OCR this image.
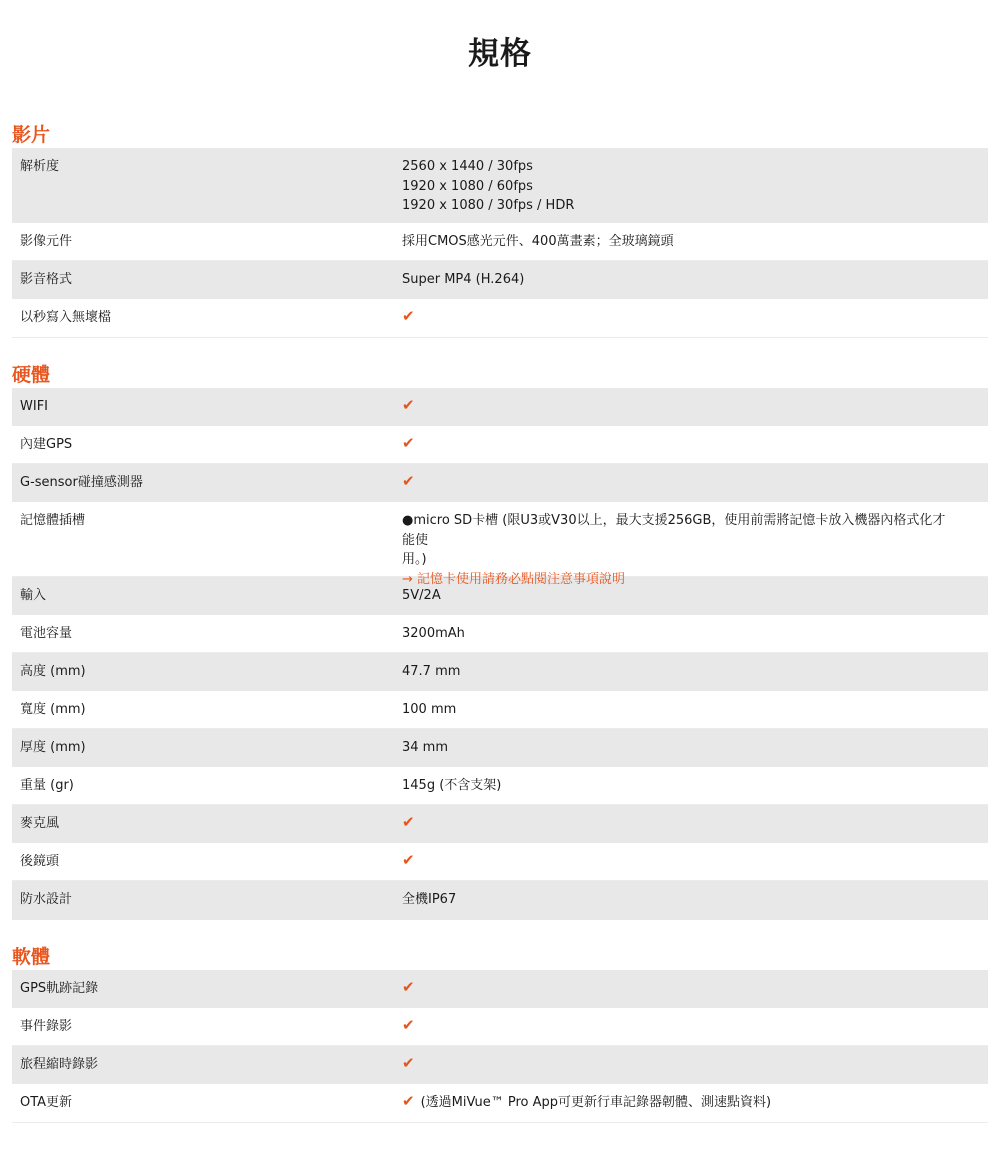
規格
影片
解析度	2560 x 1440 / 30fps
1920 x 1080 / 60fps
1920 x 1080 / 30fps / HDR
影像元件	採用CMOS感光元件、400萬畫素；全玻璃鏡頭
影音格式	Super MP4 (H.264)
以秒寫入無壞檔	✔
硬體
WIFI	✔
內建GPS	✔
G-sensor碰撞感測器	✔
記憶體插槽	●micro SD卡槽 (限U3或V30以上，最大支援256GB，使用前需將記憶卡放入機器內格式化才能使
用。)
→ 記憶卡使用請務必點閱注意事項說明
輸入	5V/2A
電池容量	3200mAh
高度 (mm)	47.7 mm
寬度 (mm)	100 mm
厚度 (mm)	34 mm
重量 (gr)	145g (不含支架)
麥克風	✔
後鏡頭	✔
防水設計	全機IP67
軟體
GPS軌跡記錄	✔
事件錄影	✔
旅程縮時錄影	✔
OTA更新	✔ (透過MiVue™ Pro App可更新行車記錄器韌體、測速點資料)
